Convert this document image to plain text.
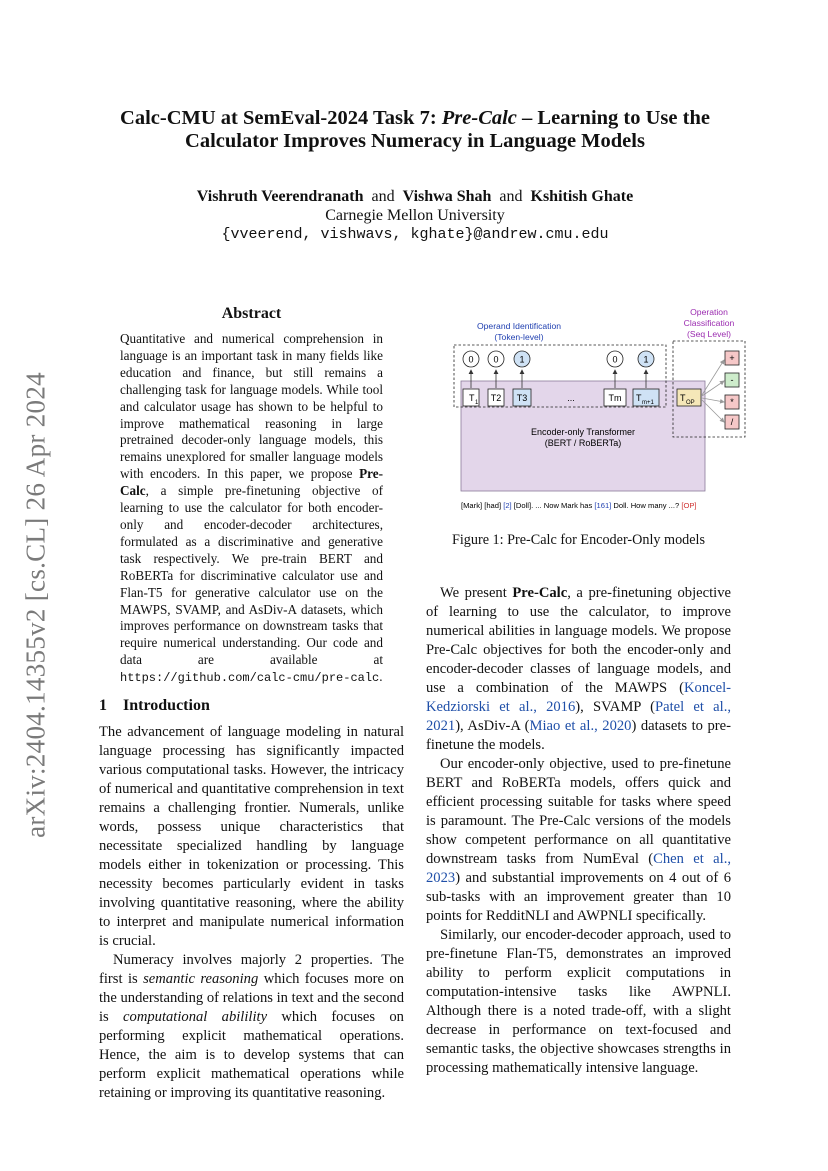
arXiv:2404.14355v2 [cs.CL] 26 Apr 2024
Calc-CMU at SemEval-2024 Task 7: Pre-Calc – Learning to Use the
Calculator Improves Numeracy in Language Models
Vishruth Veerendranath and Vishwa Shah and Kshitish Ghate
Carnegie Mellon University
{vveerend, vishwavs, kghate}@andrew.cmu.edu
Abstract
Quantitative and numerical comprehension in language is an important task in many fields like education and finance, but still remains a challenging task for language models. While tool and calculator usage has shown to be helpful to improve mathematical reasoning in large pretrained decoder-only language models, this remains unexplored for smaller language models with encoders. In this paper, we propose Pre-Calc, a simple pre-finetuning objective of learning to use the calculator for both encoder-only and encoder-decoder architectures, formulated as a discriminative and generative task respectively. We pre-train BERT and RoBERTa for discriminative calculator use and Flan-T5 for generative calculator use on the MAWPS, SVAMP, and AsDiv-A datasets, which improves performance on downstream tasks that require numerical understanding. Our code and data are available at https://github.com/calc-cmu/pre-calc.
1 Introduction

The advancement of language modeling in natural language processing has significantly impacted various computational tasks. However, the intricacy of numerical and quantitative comprehension in text remains a challenging frontier. Numerals, unlike words, possess unique characteristics that necessitate specialized handling by language models either in tokenization or processing. This necessity becomes particularly evident in tasks involving quantitative reasoning, where the ability to interpret and manipulate numerical information is crucial.

Numeracy involves majorly 2 properties. The first is semantic reasoning which focuses more on the understanding of relations in text and the second is computational abilility which focuses on performing explicit mathematical operations. Hence, the aim is to develop systems that can perform explicit mathematical operations while retaining or improving its quantitative reasoning.

Encoder-only Transformer
(BERT / RoBERTa)
Operand Identification
(Token-level)
Operation
Classification
(Seq Level)
0 0 1	0	1
T 1 T2 T3	...	Tm T m+1	T OP
+
-
*
/
[Mark] [had] [2] [Doll]. ... Now Mark has [161] Doll. How many ...? [OP]
Figure 1: Pre-Calc for Encoder-Only models

We present Pre-Calc, a pre-finetuning objective of learning to use the calculator, to improve numerical abilities in language models. We propose Pre-Calc objectives for both the encoder-only and encoder-decoder classes of language models, and use a combination of the MAWPS (Koncel-Kedziorski et al., 2016), SVAMP (Patel et al., 2021), AsDiv-A (Miao et al., 2020) datasets to pre-finetune the models.

Our encoder-only objective, used to pre-finetune BERT and RoBERTa models, offers quick and efficient processing suitable for tasks where speed is paramount. The Pre-Calc versions of the models show competent performance on all quantitative downstream tasks from NumEval (Chen et al., 2023) and substantial improvements on 4 out of 6 sub-tasks with an improvement greater than 10 points for RedditNLI and AWPNLI specifically.

Similarly, our encoder-decoder approach, used to pre-finetune Flan-T5, demonstrates an improved ability to perform explicit computations in computation-intensive tasks like AWPNLI. Although there is a noted trade-off, with a slight decrease in performance on text-focused and semantic tasks, the objective showcases strengths in processing mathematically intensive language.
